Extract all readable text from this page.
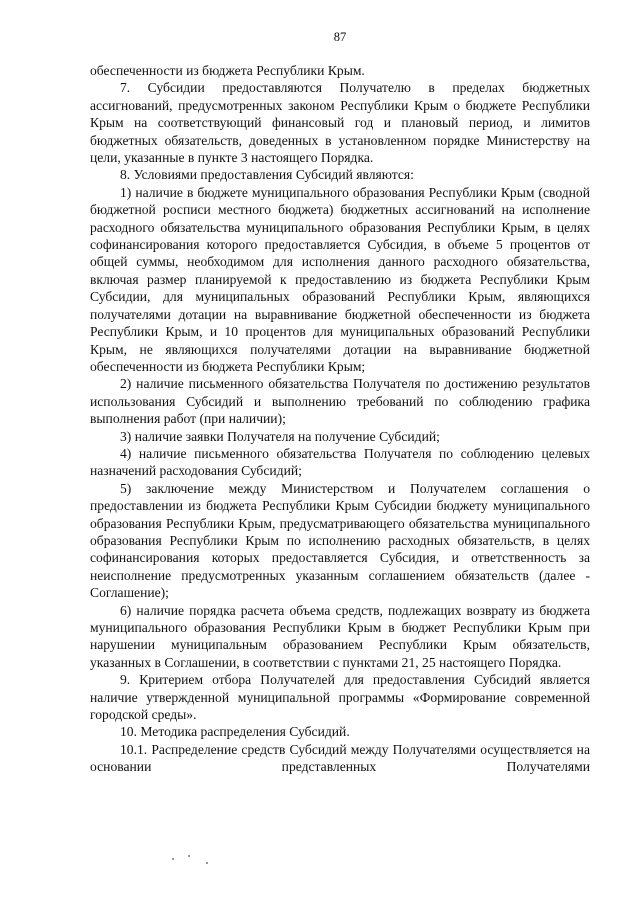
87

обеспеченности из бюджета Республики Крым.

7. Субсидии предоставляются Получателю в пределах бюджетных ассигнований, предусмотренных законом Республики Крым о бюджете Республики Крым на соответствующий финансовый год и плановый период, и лимитов бюджетных обязательств, доведенных в установленном порядке Министерству на цели, указанные в пункте 3 настоящего Порядка.

8. Условиями предоставления Субсидий являются:

1) наличие в бюджете муниципального образования Республики Крым (сводной бюджетной росписи местного бюджета) бюджетных ассигнований на исполнение расходного обязательства муниципального образования Республики Крым, в целях софинансирования которого предоставляется Субсидия, в объеме 5 процентов от общей суммы, необходимом для исполнения данного расходного обязательства, включая размер планируемой к предоставлению из бюджета Республики Крым Субсидии, для муниципальных образований Республики Крым, являющихся получателями дотации на выравнивание бюджетной обеспеченности из бюджета Республики Крым, и 10 процентов для муниципальных образований Республики Крым, не являющихся получателями дотации на выравнивание бюджетной обеспеченности из бюджета Республики Крым;

2) наличие письменного обязательства Получателя по достижению результатов использования Субсидий и выполнению требований по соблюдению графика выполнения работ (при наличии);

3) наличие заявки Получателя на получение Субсидий;

4) наличие письменного обязательства Получателя по соблюдению целевых назначений расходования Субсидий;

5) заключение между Министерством и Получателем соглашения о предоставлении из бюджета Республики Крым Субсидии бюджету муниципального образования Республики Крым, предусматривающего обязательства муниципального образования Республики Крым по исполнению расходных обязательств, в целях софинансирования которых предоставляется Субсидия, и ответственность за неисполнение предусмотренных указанным соглашением обязательств (далее - Соглашение);

6) наличие порядка расчета объема средств, подлежащих возврату из бюджета муниципального образования Республики Крым в бюджет Республики Крым при нарушении муниципальным образованием Республики Крым обязательств, указанных в Соглашении, в соответствии с пунктами 21, 25 настоящего Порядка.

9. Критерием отбора Получателей для предоставления Субсидий является наличие утвержденной муниципальной программы «Формирование современной городской среды».

10. Методика распределения Субсидий.

10.1. Распределение средств Субсидий между Получателями осуществляется на основании представленных Получателями
